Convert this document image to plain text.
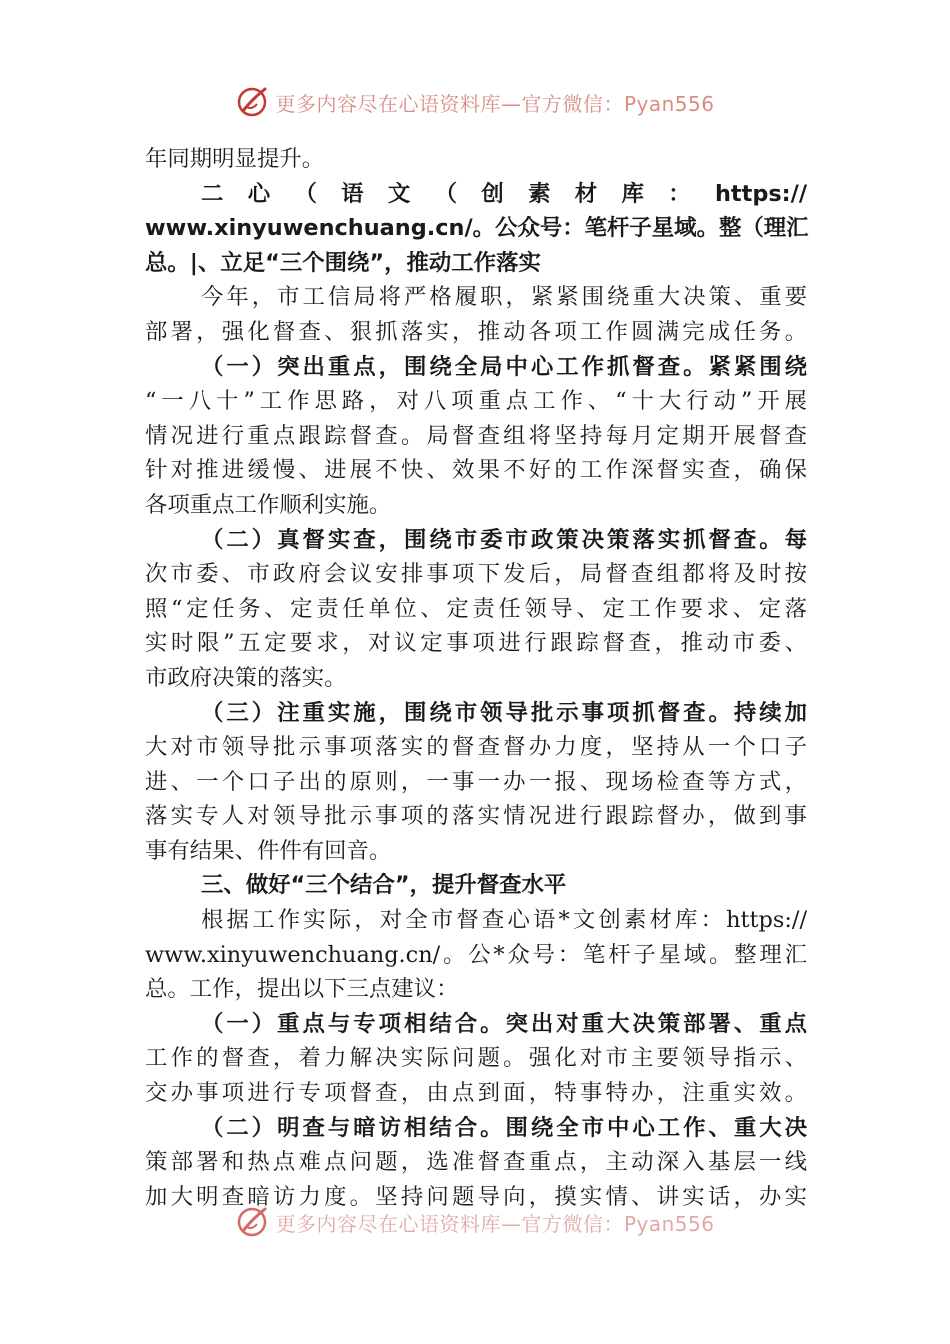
更多内容尽在心语资料库—官方微信：Pyan556
年同期明显提升。
二 心 （ 语 文 （ 创 素 材 库 ： https://
www.xinyuwenchuang.cn/。公众号：笔杆子星域。整（理汇
总。|、立足“三个围绕”，推动工作落实
今年，市工信局将严格履职，紧紧围绕重大决策、重要
部署，强化督查、狠抓落实，推动各项工作圆满完成任务。
（一）突出重点，围绕全局中心工作抓督查。紧紧围绕
“一八十”工作思路，对八项重点工作、“十大行动”开展
情况进行重点跟踪督查。局督查组将坚持每月定期开展督查
针对推进缓慢、进展不快、效果不好的工作深督实查，确保
各项重点工作顺利实施。
（二）真督实查，围绕市委市政策决策落实抓督查。每
次市委、市政府会议安排事项下发后，局督查组都将及时按
照“定任务、定责任单位、定责任领导、定工作要求、定落
实时限”五定要求，对议定事项进行跟踪督查，推动市委、
市政府决策的落实。
（三）注重实施，围绕市领导批示事项抓督查。持续加
大对市领导批示事项落实的督查督办力度，坚持从一个口子
进、一个口子出的原则，一事一办一报、现场检查等方式，
落实专人对领导批示事项的落实情况进行跟踪督办，做到事
事有结果、件件有回音。
三、做好“三个结合”，提升督查水平
根据工作实际，对全市督查心语*文创素材库：https://
www.xinyuwenchuang.cn/。公*众号：笔杆子星域。整理汇
总。工作，提出以下三点建议：
（一）重点与专项相结合。突出对重大决策部署、重点
工作的督查，着力解决实际问题。强化对市主要领导指示、
交办事项进行专项督查，由点到面，特事特办，注重实效。
（二）明查与暗访相结合。围绕全市中心工作、重大决
策部署和热点难点问题，选准督查重点，主动深入基层一线
加大明查暗访力度。坚持问题导向，摸实情、讲实话，办实
更多内容尽在心语资料库—官方微信：Pyan556
